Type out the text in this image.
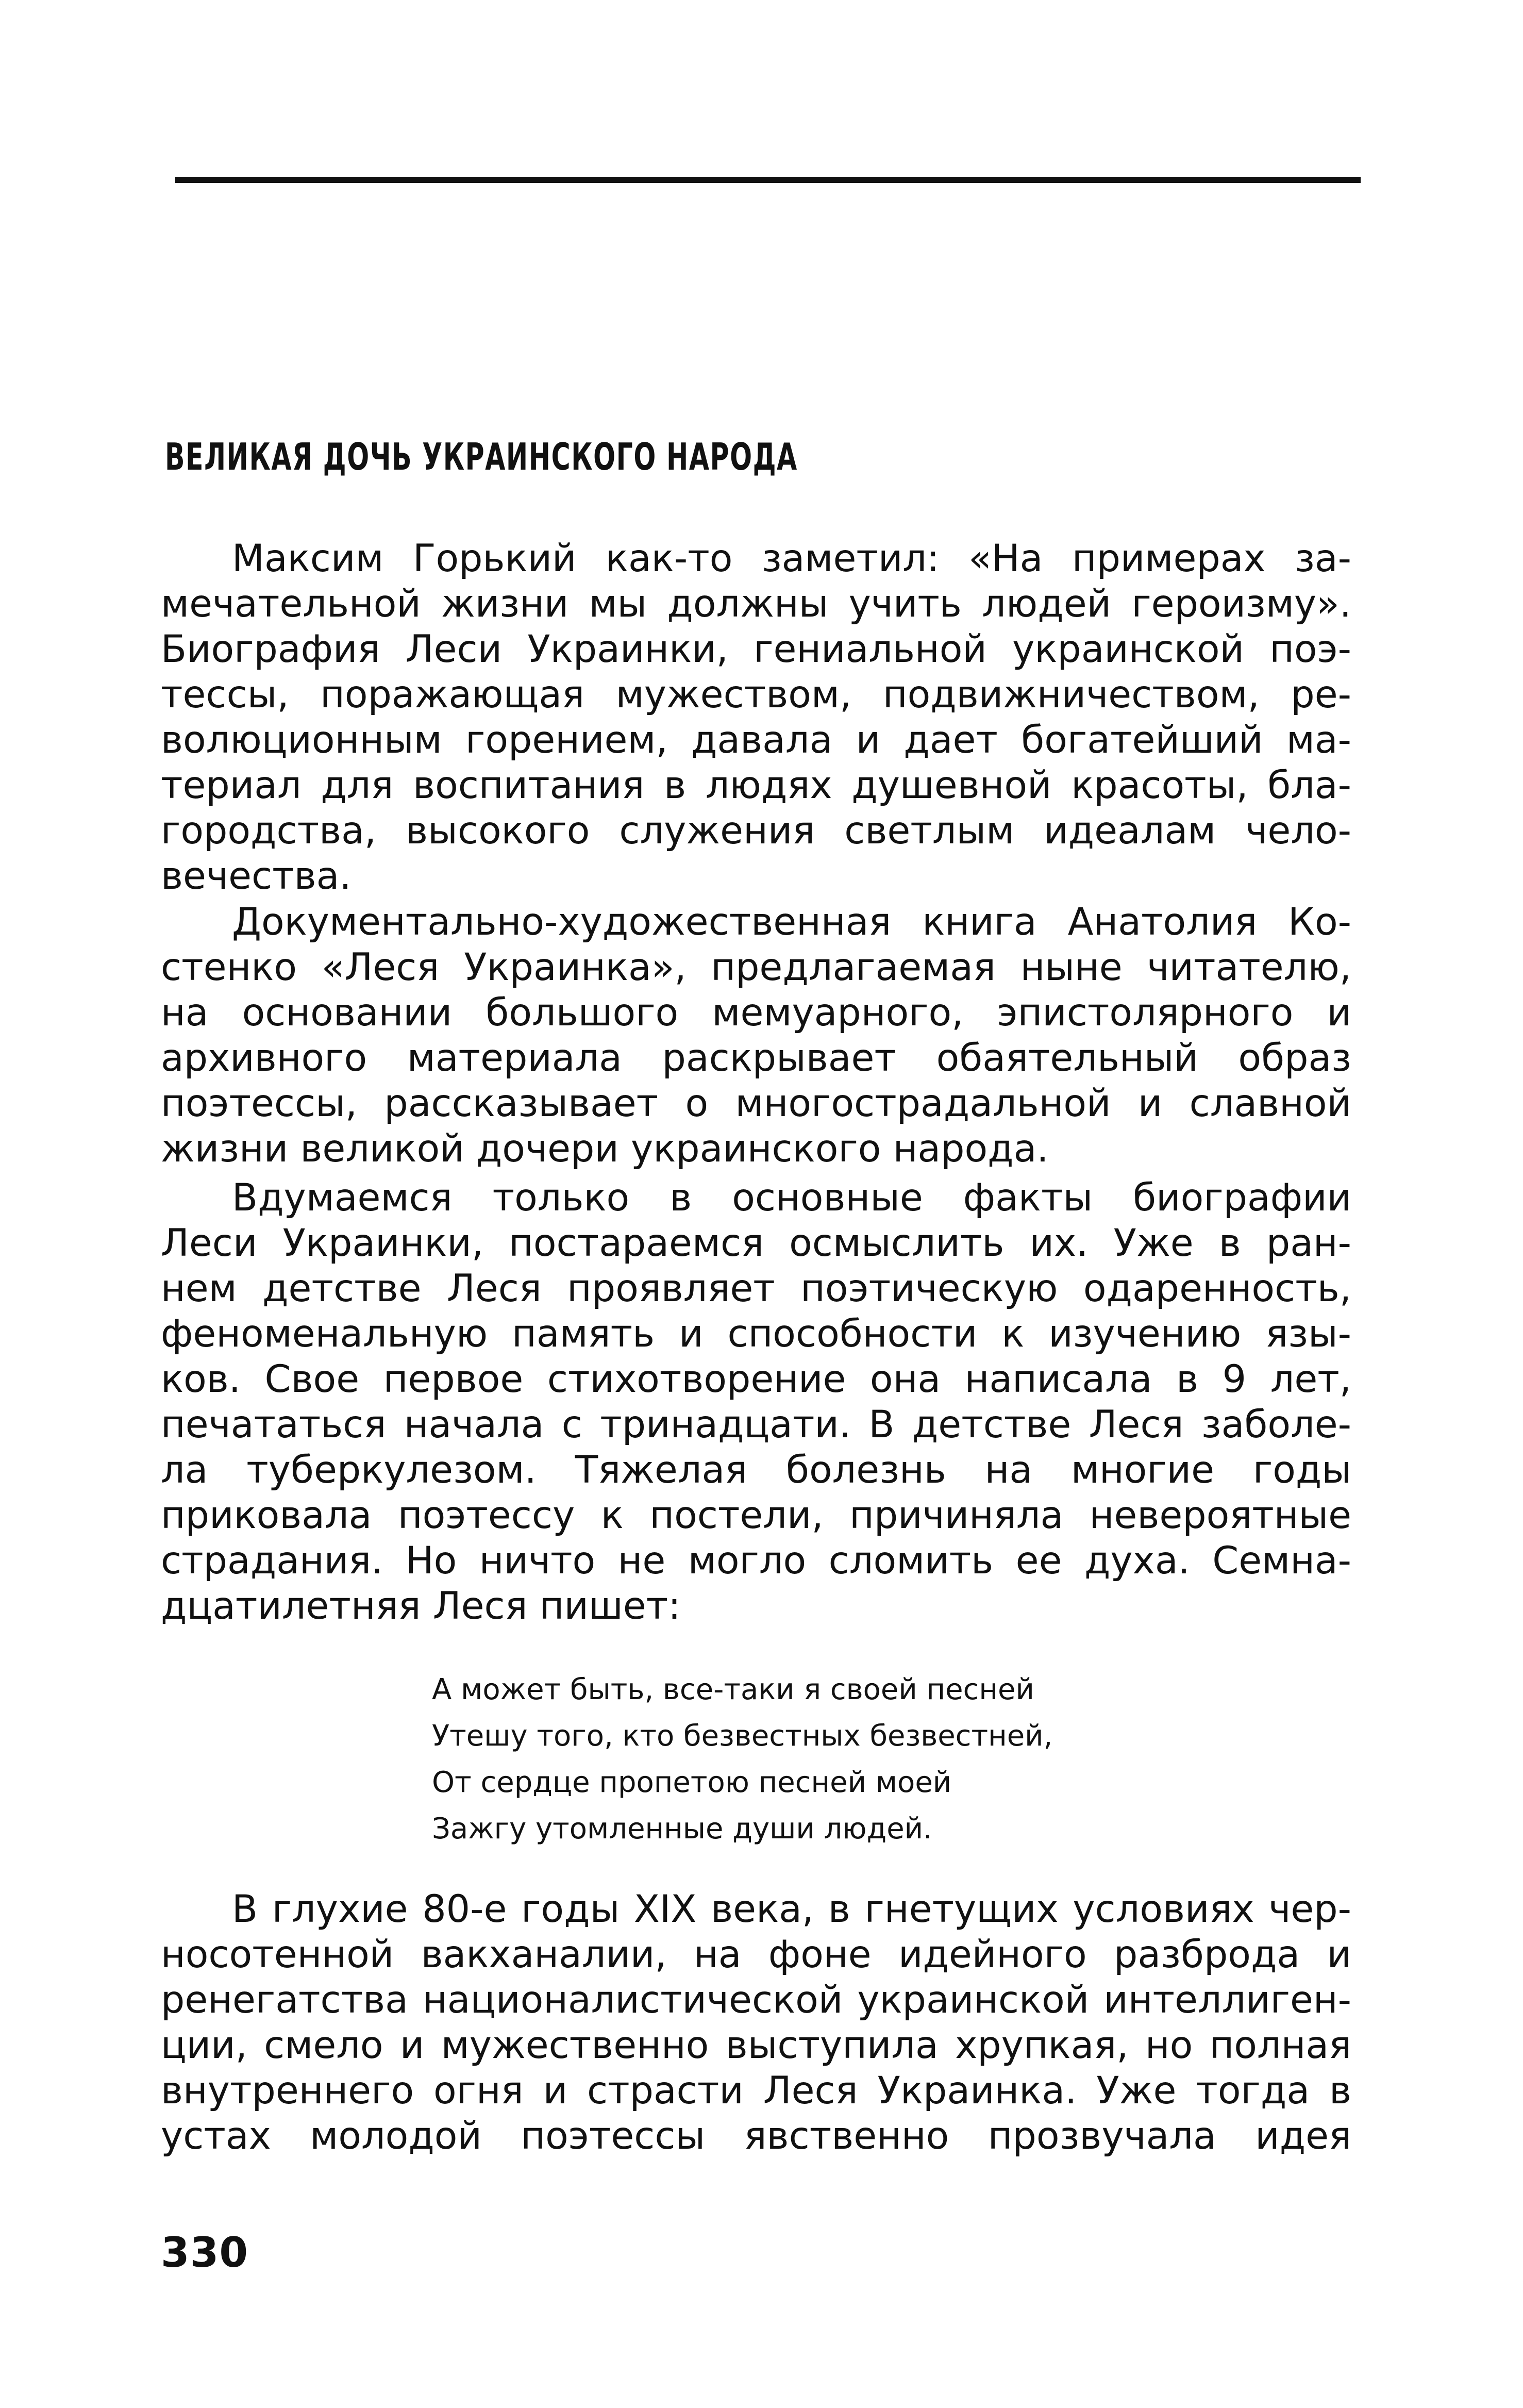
ВЕЛИКАЯ ДОЧЬ УКРАИНСКОГО НАРОДА
Максим Горький как-то заметил: «На примерах за-
мечательной жизни мы должны учить людей героизму».
Биография Леси Украинки, гениальной украинской поэ-
тессы, поражающая мужеством, подвижничеством, ре-
волюционным горением, давала и дает богатейший ма-
териал для воспитания в людях душевной красоты, бла-
городства, высокого служения светлым идеалам чело-
вечества.
Документально-художественная книга Анатолия Ко-
стенко «Леся Украинка», предлагаемая ныне читателю,
на основании большого мемуарного, эпистолярного и
архивного материала раскрывает обаятельный образ
поэтессы, рассказывает о многострадальной и славной
жизни великой дочери украинского народа.
Вдумаемся только в основные факты биографии
Леси Украинки, постараемся осмыслить их. Уже в ран-
нем детстве Леся проявляет поэтическую одаренность,
феноменальную память и способности к изучению язы-
ков. Свое первое стихотворение она написала в 9 лет,
печататься начала с тринадцати. В детстве Леся заболе-
ла туберкулезом. Тяжелая болезнь на многие годы
приковала поэтессу к постели, причиняла невероятные
страдания. Но ничто не могло сломить ее духа. Семна-
дцатилетняя Леся пишет:
А может быть, все-таки я своей песней
Утешу того, кто безвестных безвестней,
От сердце пропетою песней моей
Зажгу утомленные души людей.
В глухие 80-е годы XIX века, в гнетущих условиях чер-
носотенной вакханалии, на фоне идейного разброда и
ренегатства националистической украинской интеллиген-
ции, смело и мужественно выступила хрупкая, но полная
внутреннего огня и страсти Леся Украинка. Уже тогда в
устах молодой поэтессы явственно прозвучала идея
330
